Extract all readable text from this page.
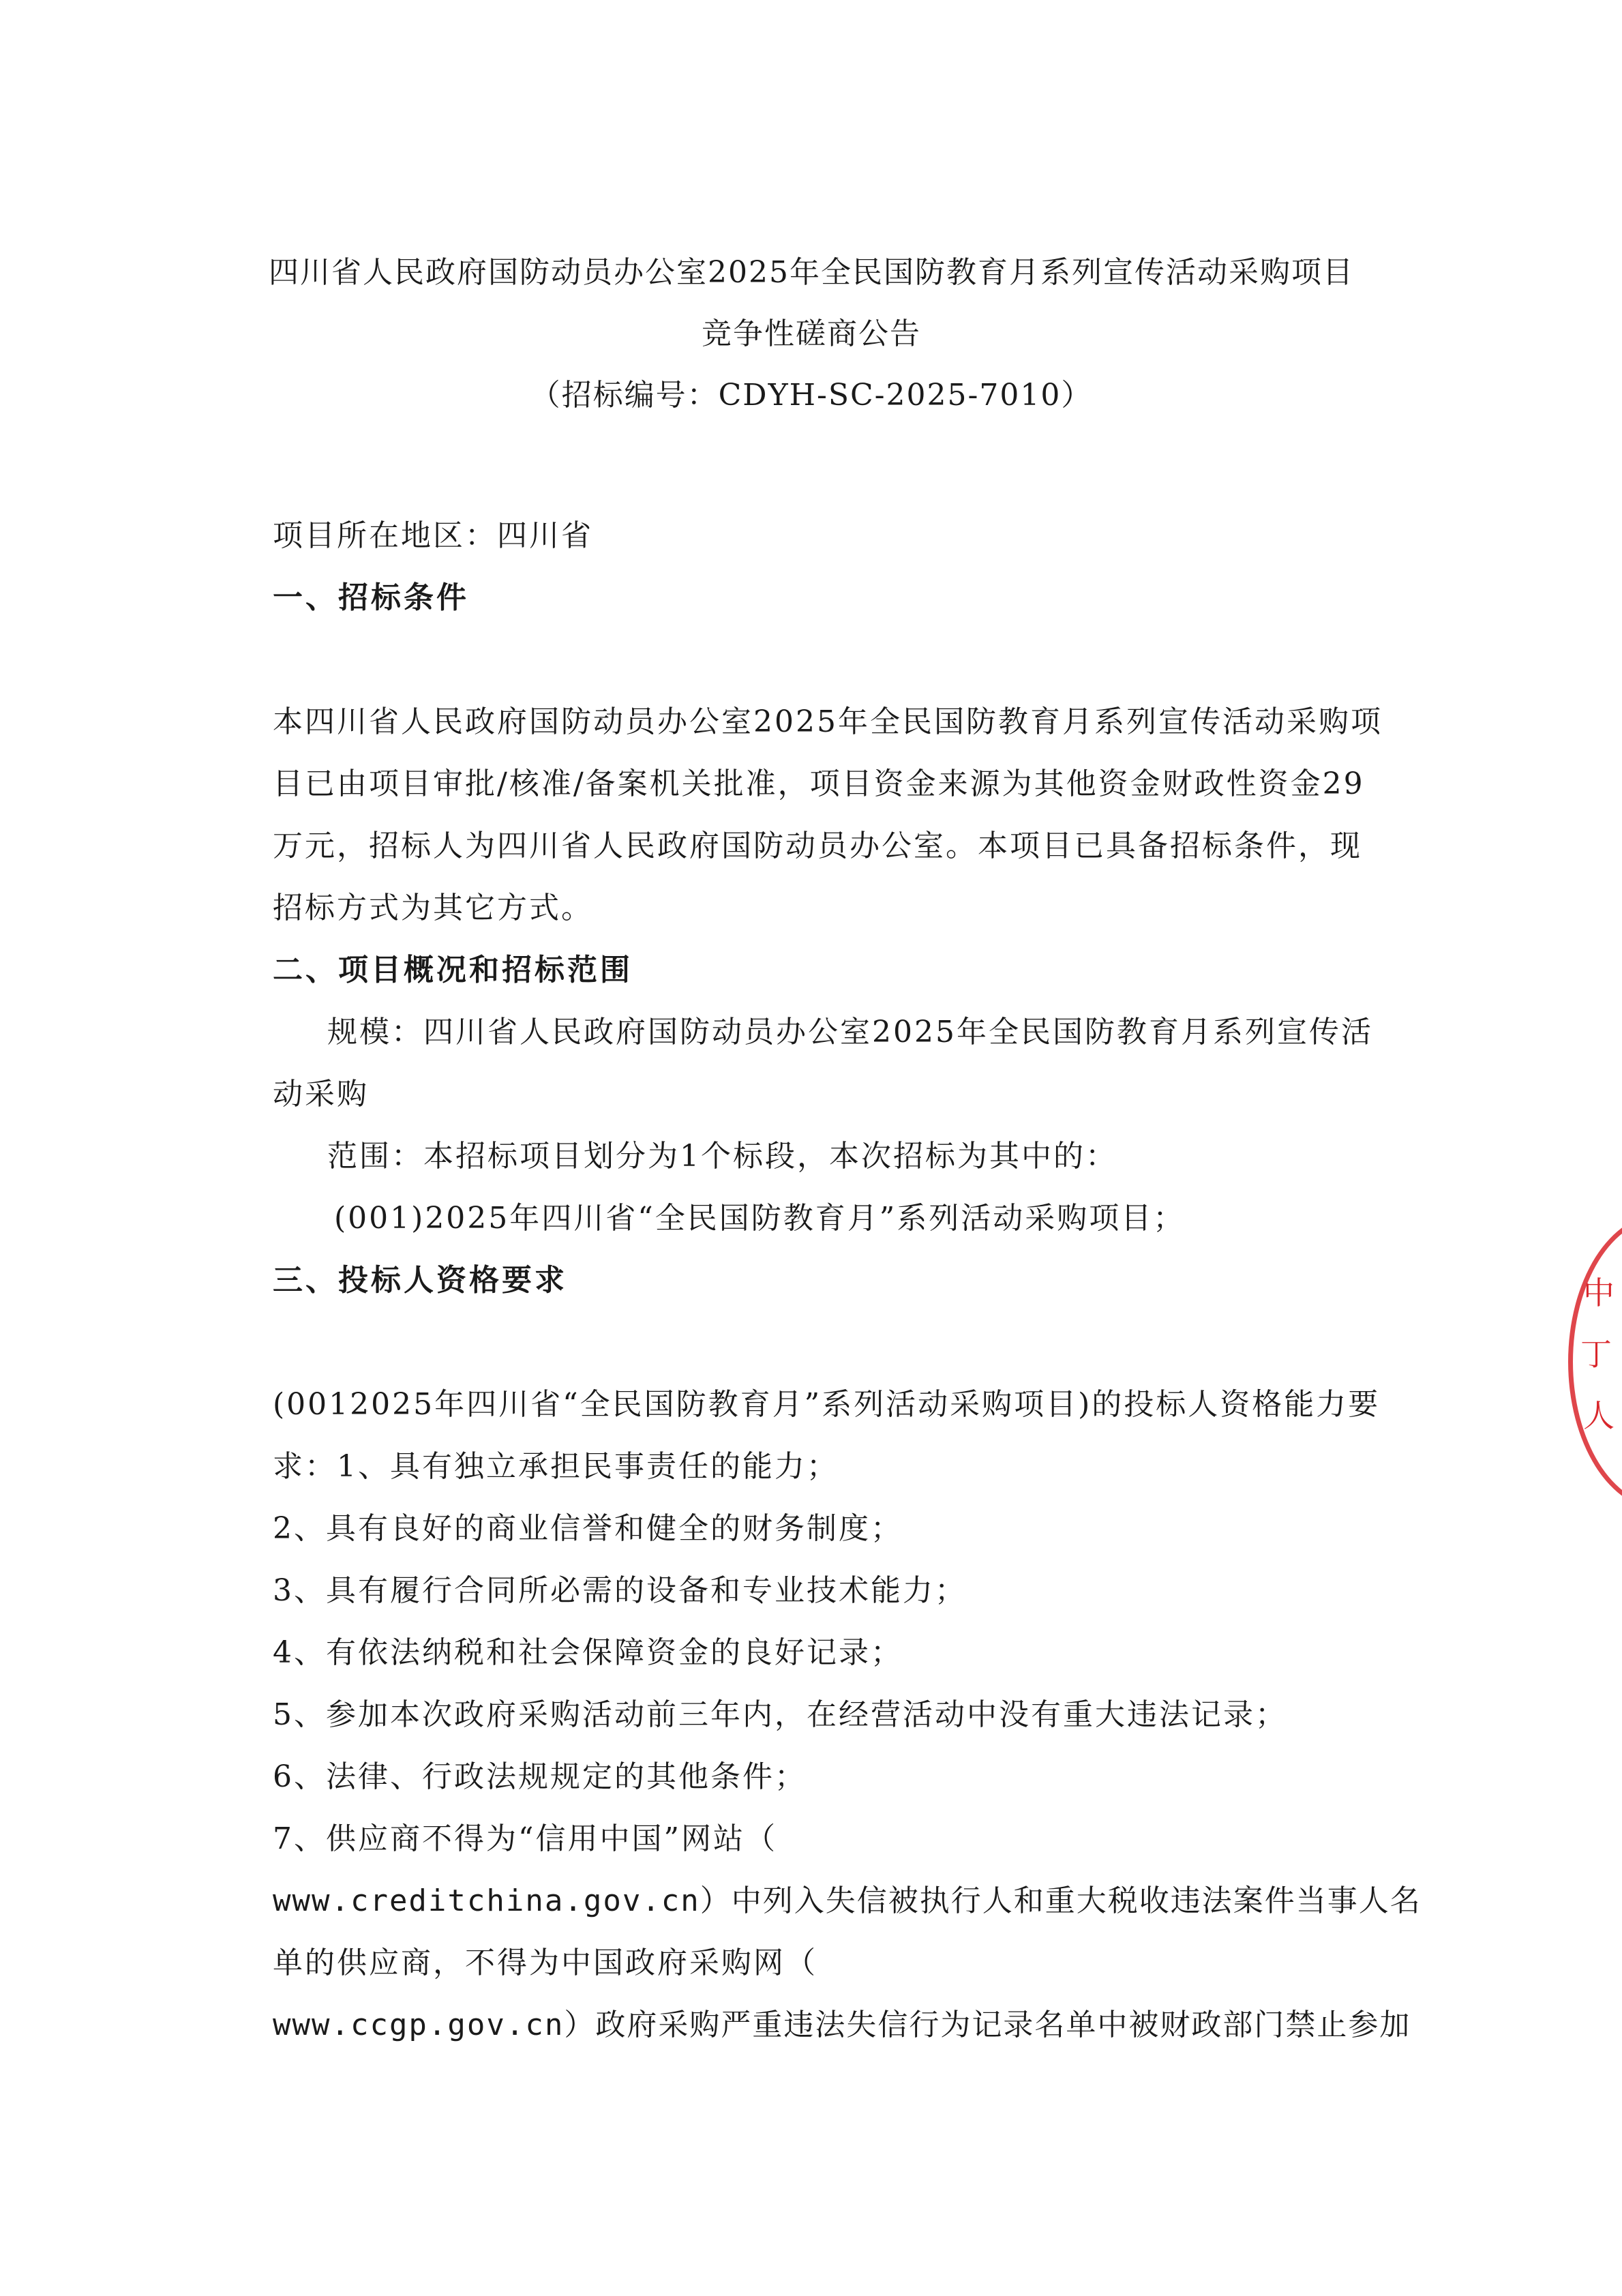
四川省人民政府国防动员办公室2025年全民国防教育月系列宣传活动采购项目
竞争性磋商公告
（招标编号：CDYH-SC-2025-7010）
项目所在地区：四川省
一、招标条件
本四川省人民政府国防动员办公室2025年全民国防教育月系列宣传活动采购项
目已由项目审批/核准/备案机关批准，项目资金来源为其他资金财政性资金29
万元，招标人为四川省人民政府国防动员办公室。本项目已具备招标条件，现
招标方式为其它方式。
二、项目概况和招标范围
规模：四川省人民政府国防动员办公室2025年全民国防教育月系列宣传活
动采购
范围：本招标项目划分为1个标段，本次招标为其中的：
(001)2025年四川省“全民国防教育月”系列活动采购项目；
三、投标人资格要求
(0012025年四川省“全民国防教育月”系列活动采购项目)的投标人资格能力要
求：1、具有独立承担民事责任的能力；
2、具有良好的商业信誉和健全的财务制度；
3、具有履行合同所必需的设备和专业技术能力；
4、有依法纳税和社会保障资金的良好记录；
5、参加本次政府采购活动前三年内，在经营活动中没有重大违法记录；
6、法律、行政法规规定的其他条件；
7、供应商不得为“信用中国”网站（
www.creditchina.gov.cn）中列入失信被执行人和重大税收违法案件当事人名
单的供应商，不得为中国政府采购网（
www.ccgp.gov.cn）政府采购严重违法失信行为记录名单中被财政部门禁止参加
中
丁
人
